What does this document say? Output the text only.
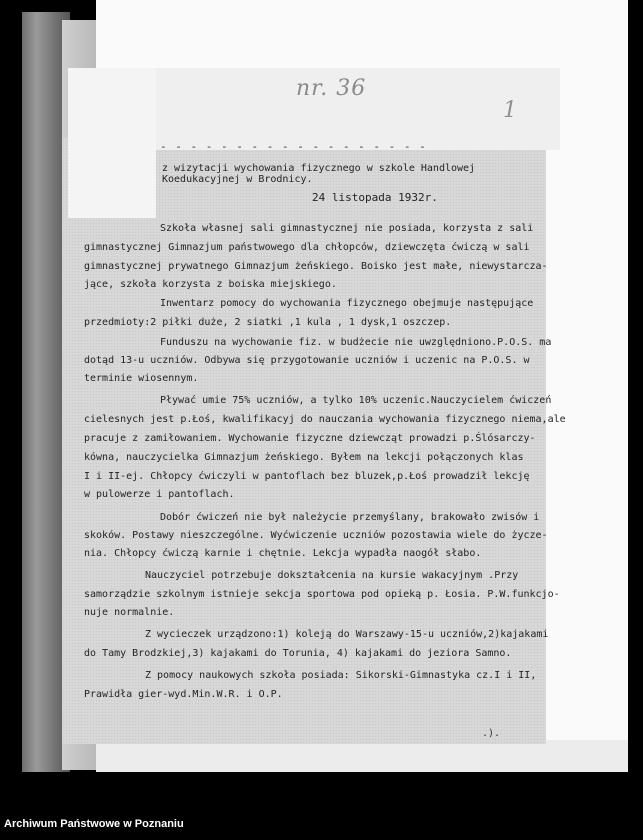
nr. 36
1
- - - - - - - - - - - - - - - - - -
z wizytacji wychowania fizycznego w szkole Handlowej
Koedukacyjnej w Brodnicy.
24 listopada 1932r.
Szkoła własnej sali gimnastycznej nie posiada, korzysta z sali
gimnastycznej Gimnazjum państwowego dla chłopców, dziewczęta ćwiczą w sali
gimnastycznej prywatnego Gimnazjum żeńskiego. Boisko jest małe, niewystarcza-
jące, szkoła korzysta z boiska miejskiego.
Inwentarz pomocy do wychowania fizycznego obejmuje następujące
przedmioty:2 piłki duże, 2 siatki ,1 kula , 1 dysk,1 oszczep.
Funduszu na wychowanie fiz. w budżecie nie uwzględniono.P.O.S. ma
dotąd 13-u uczniów. Odbywa się przygotowanie uczniów i uczenic na P.O.S. w
terminie wiosennym.
Pływać umie 75% uczniów, a tylko 10% uczenic.Nauczycielem ćwiczeń
cielesnych jest p.Łoś, kwalifikacyj do nauczania wychowania fizycznego niema,ale
pracuje z zamiłowaniem. Wychowanie fizyczne dziewcząt prowadzi p.Ślósarczy-
kówna, nauczycielka Gimnazjum żeńskiego. Byłem na lekcji połączonych klas
I i II-ej. Chłopcy ćwiczyli w pantoflach bez bluzek,p.Łoś prowadził lekcję
w pulowerze i pantoflach.
Dobór ćwiczeń nie był należycie przemyślany, brakowało zwisów i
skoków. Postawy nieszczególne. Wyćwiczenie uczniów pozostawia wiele do życze-
nia. Chłopcy ćwiczą karnie i chętnie. Lekcja wypadła naogół słabo.
Nauczyciel potrzebuje dokształcenia na kursie wakacyjnym .Przy
samorządzie szkolnym istnieje sekcja sportowa pod opieką p. Łosia. P.W.funkcjo-
nuje normalnie.
Z wycieczek urządzono:1) koleją do Warszawy-15-u uczniów,2)kajakami
do Tamy Brodzkiej,3) kajakami do Torunia, 4) kajakami do jeziora Samno.
Z pomocy naukowych szkoła posiada: Sikorski-Gimnastyka cz.I i II,
Prawidła gier-wyd.Min.W.R. i O.P.
.).
Archiwum Państwowe w Poznaniu
